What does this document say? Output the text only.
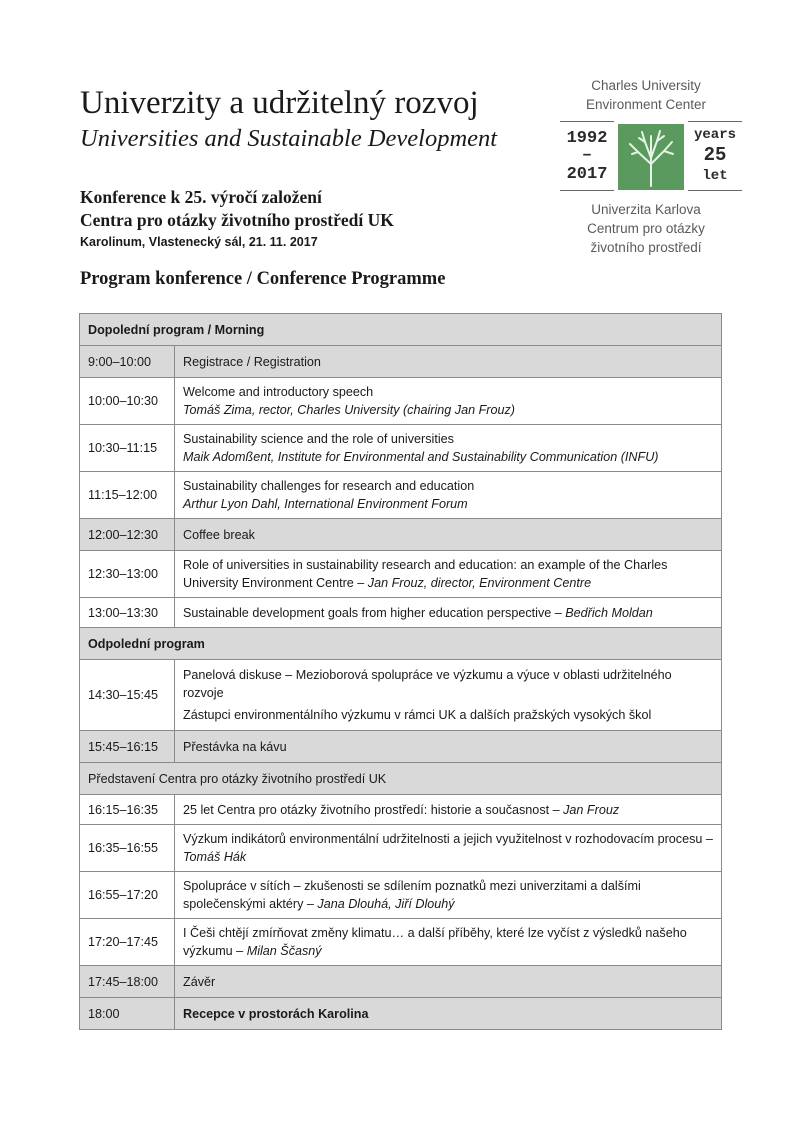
Univerzity a udržitelný rozvoj
Universities and Sustainable Development
Konference k 25. výročí založení
Centra pro otázky životního prostředí UK
Karolinum, Vlastenecký sál, 21. 11. 2017
Program konference / Conference Programme
Charles University
Environment Center
1992
–
2017
years
25
let
Univerzita Karlova
Centrum pro otázky
životního prostředí
Dopolední program / Morning	
9:00–10:00	Registrace / Registration
10:00–10:30	Welcome and introductory speech
Tomáš Zima, rector, Charles University (chairing Jan Frouz)

10:30–11:15	Sustainability science and the role of universities
Maik Adomßent, Institute for Environmental and Sustainability Communication (INFU)

11:15–12:00	Sustainability challenges for research and education
Arthur Lyon Dahl, International Environment Forum

12:00–12:30	Coffee break
12:30–13:00	Role of universities in sustainability research and education: an example of the Charles University Environment Centre – Jan Frouz, director, Environment Centre
13:00–13:30	Sustainable development goals from higher education perspective – Bedřich Moldan
Odpolední program	
14:30–15:45	Panelová diskuse – Mezioborová spolupráce ve výzkumu a výuce v oblasti udržitelného rozvoje
Zástupci environmentálního výzkumu v rámci UK a dalších pražských vysokých škol

15:45–16:15	Přestávka na kávu
Představení Centra pro otázky životního prostředí UK	
16:15–16:35	25 let Centra pro otázky životního prostředí: historie a současnost – Jan Frouz
16:35–16:55	Výzkum indikátorů environmentální udržitelnosti a jejich využitelnost v rozhodovacím procesu – Tomáš Hák
16:55–17:20	Spolupráce v sítích – zkušenosti se sdílením poznatků mezi univerzitami a dalšími společenskými aktéry – Jana Dlouhá, Jiří Dlouhý
17:20–17:45	I Češi chtějí zmírňovat změny klimatu… a další příběhy, které lze vyčíst z výsledků našeho výzkumu – Milan Ščasný
17:45–18:00	Závěr
18:00	Recepce v prostorách Karolina
